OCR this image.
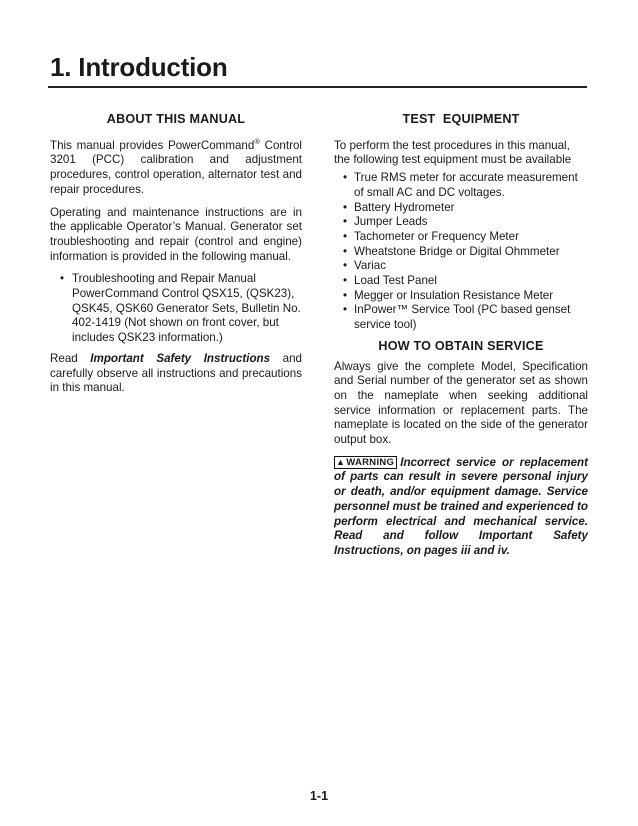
1. Introduction
ABOUT THIS MANUAL

This manual provides PowerCommand® Control 3201 (PCC) calibration and adjustment procedures, control operation, alternator test and repair procedures.

Operating and maintenance instructions are in the applicable Operator’s Manual. Generator set troubleshooting and repair (control and engine) information is provided in the following manual.

• Troubleshooting and Repair Manual PowerCommand Control QSX15, (QSK23), QSK45, QSK60 Generator Sets, Bulletin No. 402-1419 (Not shown on front cover, but includes QSK23 information.)

Read Important Safety Instructions and carefully observe all instructions and precautions in this manual.

TEST  EQUIPMENT

To perform the test procedures in this manual, the following test equipment must be available

• True RMS meter for accurate measurement of small AC and DC voltages.
• Battery Hydrometer
• Jumper Leads
• Tachometer or Frequency Meter
• Wheatstone Bridge or Digital Ohmmeter
• Variac
• Load Test Panel
• Megger or Insulation Resistance Meter
• InPower™ Service Tool (PC based genset service tool)
HOW TO OBTAIN SERVICE

Always give the complete Model, Specification and Serial number of the generator set as shown on the nameplate when seeking additional service information or replacement parts. The nameplate is located on the side of the generator output box.

▲WARNING Incorrect service or replacement of parts can result in severe personal injury or death, and/or equipment damage. Service personnel must be trained and experienced to perform electrical and mechanical service. Read and follow Important Safety Instructions, on pages iii and iv.

1-1
